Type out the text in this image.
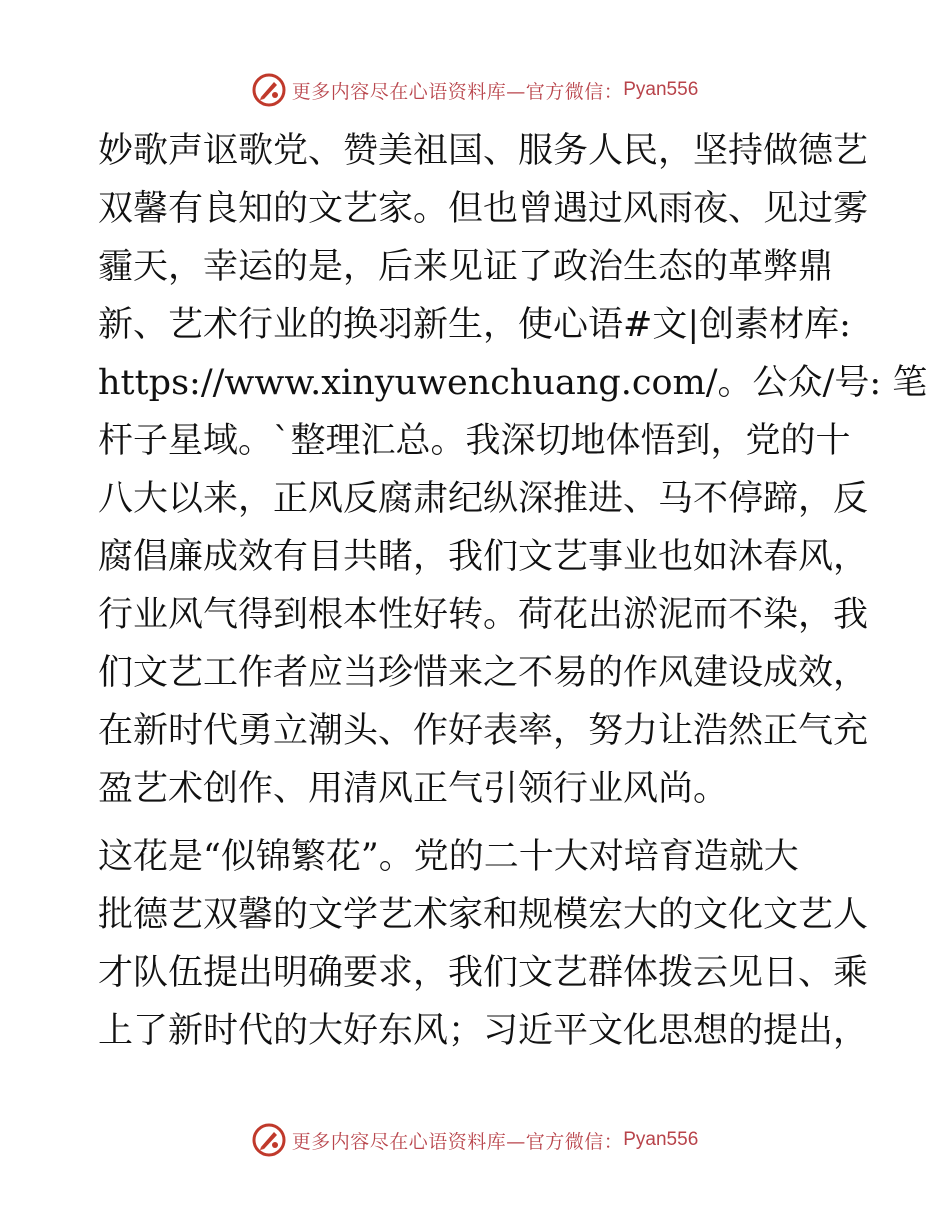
更多内容尽在心语资料库—官方微信： Pyan556
妙歌声讴歌党、赞美祖国、服务人民，坚持做德艺
双馨有良知的文艺家。但也曾遇过风雨夜、见过雾
霾天，幸运的是，后来见证了政治生态的革弊鼎
新、艺术行业的换羽新生，使心语#文|创素材库:
https://www.xinyuwenchuang.com/。公众/号: 笔
杆子星域。`整理汇总。我深切地体悟到，党的十
八大以来，正风反腐肃纪纵深推进、马不停蹄，反
腐倡廉成效有目共睹，我们文艺事业也如沐春风，
行业风气得到根本性好转。荷花出淤泥而不染，我
们文艺工作者应当珍惜来之不易的作风建设成效，
在新时代勇立潮头、作好表率，努力让浩然正气充
盈艺术创作、用清风正气引领行业风尚。
这花是“似锦繁花”。党的二十大对培育造就大
批德艺双馨的文学艺术家和规模宏大的文化文艺人
才队伍提出明确要求，我们文艺群体拨云见日、乘
上了新时代的大好东风；习近平文化思想的提出，
更多内容尽在心语资料库—官方微信： Pyan556
